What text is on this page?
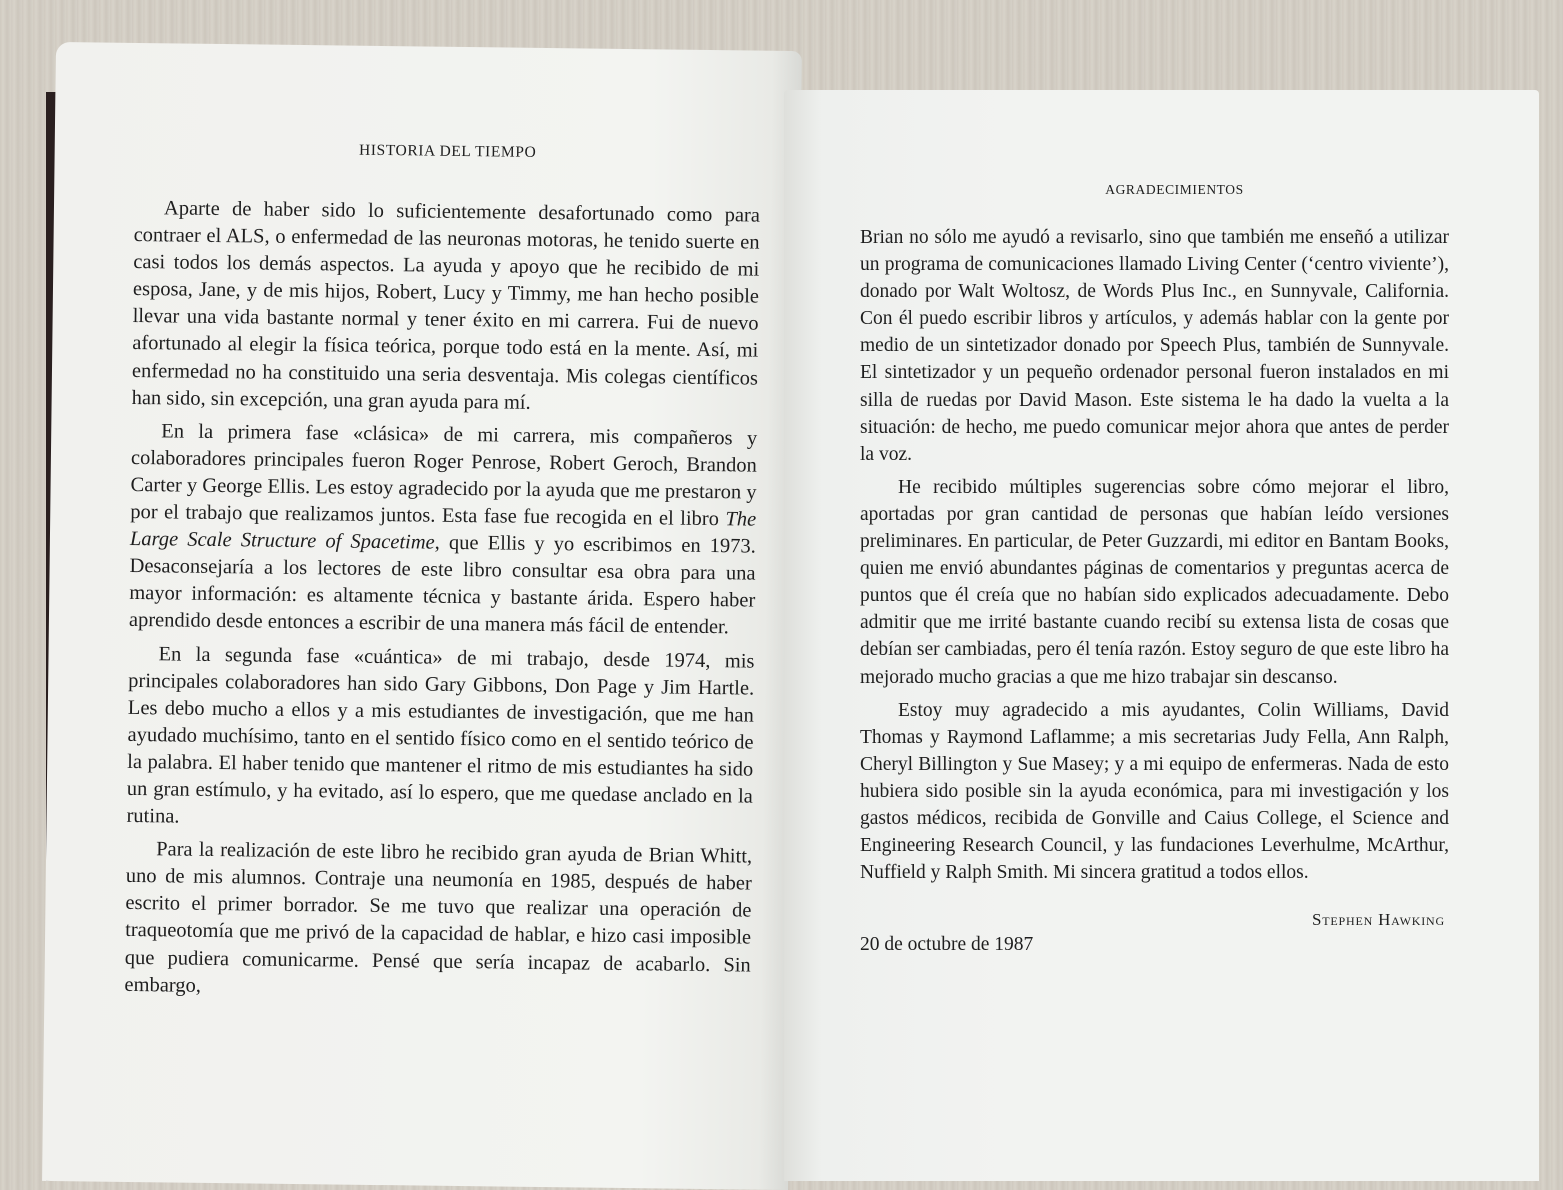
HISTORIA DEL TIEMPO

Aparte de haber sido lo suficientemente desafortunado como para contraer el ALS, o enfermedad de las neuronas motoras, he tenido suerte en casi todos los demás aspectos. La ayuda y apoyo que he recibido de mi esposa, Jane, y de mis hijos, Robert, Lucy y Timmy, me han hecho posible llevar una vida bastante normal y tener éxito en mi carrera. Fui de nuevo afortunado al elegir la física teórica, porque todo está en la mente. Así, mi enfermedad no ha constituido una seria desventaja. Mis colegas científicos han sido, sin excepción, una gran ayuda para mí.

En la primera fase «clásica» de mi carrera, mis compañeros y colaboradores principales fueron Roger Penrose, Robert Geroch, Brandon Carter y George Ellis. Les estoy agradecido por la ayuda que me prestaron y por el trabajo que realizamos juntos. Esta fase fue recogida en el libro The Large Scale Structure of Spacetime, que Ellis y yo escribimos en 1973. Desaconsejaría a los lectores de este libro consultar esa obra para una mayor información: es altamente técnica y bastante árida. Espero haber aprendido desde entonces a escribir de una manera más fácil de entender.

En la segunda fase «cuántica» de mi trabajo, desde 1974, mis principales colaboradores han sido Gary Gibbons, Don Page y Jim Hartle. Les debo mucho a ellos y a mis estudiantes de investigación, que me han ayudado muchísimo, tanto en el sentido físico como en el sentido teórico de la palabra. El haber tenido que mantener el ritmo de mis estudiantes ha sido un gran estímulo, y ha evitado, así lo espero, que me quedase anclado en la rutina.

Para la realización de este libro he recibido gran ayuda de Brian Whitt, uno de mis alumnos. Contraje una neumonía en 1985, después de haber escrito el primer borrador. Se me tuvo que realizar una operación de traqueotomía que me privó de la capacidad de hablar, e hizo casi imposible que pudiera comunicarme. Pensé que sería incapaz de acabarlo. Sin embargo,

AGRADECIMIENTOS

Brian no sólo me ayudó a revisarlo, sino que también me enseñó a utilizar un programa de comunicaciones llamado Living Center (‘centro viviente’), donado por Walt Woltosz, de Words Plus Inc., en Sunnyvale, California. Con él puedo escribir libros y artículos, y además hablar con la gente por medio de un sintetizador donado por Speech Plus, también de Sunnyvale. El sintetizador y un pequeño ordenador personal fueron instalados en mi silla de ruedas por David Mason. Este sistema le ha dado la vuelta a la situación: de hecho, me puedo comunicar mejor ahora que antes de perder la voz.

He recibido múltiples sugerencias sobre cómo mejorar el libro, aportadas por gran cantidad de personas que habían leído versiones preliminares. En particular, de Peter Guzzardi, mi editor en Bantam Books, quien me envió abundantes páginas de comentarios y preguntas acerca de puntos que él creía que no habían sido explicados adecuadamente. Debo admitir que me irrité bastante cuando recibí su extensa lista de cosas que debían ser cambiadas, pero él tenía razón. Estoy seguro de que este libro ha mejorado mucho gracias a que me hizo trabajar sin descanso.

Estoy muy agradecido a mis ayudantes, Colin Williams, David Thomas y Raymond Laflamme; a mis secretarias Judy Fella, Ann Ralph, Cheryl Billington y Sue Masey; y a mi equipo de enfermeras. Nada de esto hubiera sido posible sin la ayuda económica, para mi investigación y los gastos médicos, recibida de Gonville and Caius College, el Science and Engineering Research Council, y las fundaciones Leverhulme, McArthur, Nuffield y Ralph Smith. Mi sincera gratitud a todos ellos.

Stephen Hawking
20 de octubre de 1987
